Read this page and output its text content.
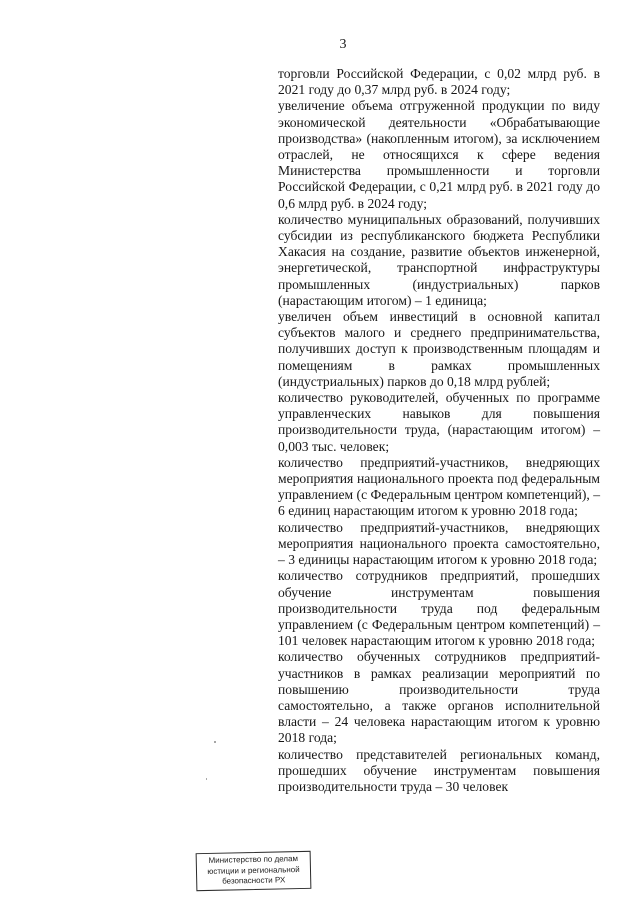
3

торговли Российской Федерации, с 0,02 млрд руб. в 2021 году до 0,37 млрд руб. в 2024 году;

увеличение объема отгруженной продукции по виду экономической деятельности «Обрабатывающие производства» (накопленным итогом), за исключением отраслей, не относящихся к сфере ведения Министерства промышленности и торговли Российской Федерации, с 0,21 млрд руб. в 2021 году до 0,6 млрд руб. в 2024 году;

количество муниципальных образований, получивших субсидии из республиканского бюджета Республики Хакасия на создание, развитие объектов инженерной, энергетической, транспортной инфраструктуры промышленных (индустриальных) парков (нарастающим итогом) – 1 единица;

увеличен объем инвестиций в основной капитал субъектов малого и среднего предпринимательства, получивших доступ к производственным площадям и помещениям в рамках промышленных (индустриальных) парков до 0,18 млрд рублей;

количество руководителей, обученных по программе управленческих навыков для повышения производительности труда, (нарастающим итогом) – 0,003 тыс. человек;

количество предприятий-участников, внедряющих мероприятия национального проекта под федеральным управлением (с Федеральным центром компетенций), – 6 единиц нарастающим итогом к уровню 2018 года;

количество предприятий-участников, внедряющих мероприятия национального проекта самостоятельно, – 3 единицы нарастающим итогом к уровню 2018 года;

количество сотрудников предприятий, прошедших обучение инструментам повышения производительности труда под федеральным управлением (с Федеральным центром компетенций) – 101 человек нарастающим итогом к уровню 2018 года;

количество обученных сотрудников предприятий-участников в рамках реализации мероприятий по повышению производительности труда самостоятельно, а также органов исполнительной власти – 24 человека нарастающим итогом к уровню 2018 года;

количество представителей региональных команд, прошедших обучение инструментам повышения производительности труда – 30 человек

Министерство по делам
юстиции и региональной
безопасности РХ
